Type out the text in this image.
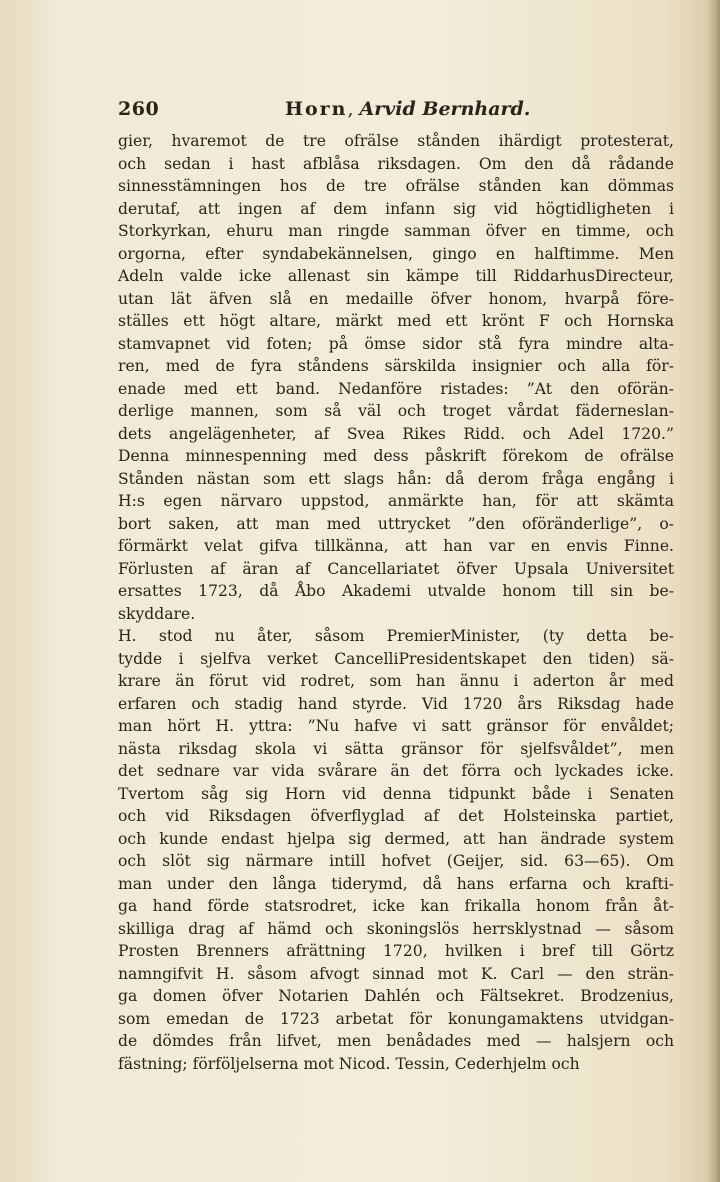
260	Horn, Arvid Bernhard.
gier, hvaremot de tre ofrälse stånden ihärdigt protesterat,
och sedan i hast afblåsa riksdagen. Om den då rådande
sinnesstämningen hos de tre ofrälse stånden kan dömmas
derutaf, att ingen af dem infann sig vid högtidligheten i
Storkyrkan, ehuru man ringde samman öfver en timme, och
orgorna, efter syndabekännelsen, gingo en halftimme. Men
Adeln valde icke allenast sin kämpe till RiddarhusDirecteur,
utan lät äfven slå en medaille öfver honom, hvarpå före-
ställes ett högt altare, märkt med ett krönt F och Hornska
stamvapnet vid foten; på ömse sidor stå fyra mindre alta-
ren, med de fyra ståndens särskilda insignier och alla för-
enade med ett band. Nedanföre ristades: ”At den oförän-
derlige mannen, som så väl och troget vårdat fäderneslan-
dets angelägenheter, af Svea Rikes Ridd. och Adel 1720.”
Denna minnespenning med dess påskrift förekom de ofrälse
Stånden nästan som ett slags hån: då derom fråga engång i
H:s egen närvaro uppstod, anmärkte han, för att skämta
bort saken, att man med uttrycket ”den oföränderlige”, o-
förmärkt velat gifva tillkänna, att han var en envis Finne.
Förlusten af äran af Cancellariatet öfver Upsala Universitet
ersattes 1723, då Åbo Akademi utvalde honom till sin be-
skyddare.
H. stod nu åter, såsom PremierMinister, (ty detta be-
tydde i sjelfva verket CancelliPresidentskapet den tiden) sä-
krare än förut vid rodret, som han ännu i aderton år med
erfaren och stadig hand styrde. Vid 1720 års Riksdag hade
man hört H. yttra: ”Nu hafve vi satt gränsor för envåldet;
nästa riksdag skola vi sätta gränsor för sjelfsvåldet”, men
det sednare var vida svårare än det förra och lyckades icke.
Tvertom såg sig Horn vid denna tidpunkt både i Senaten
och vid Riksdagen öfverflyglad af det Holsteinska partiet,
och kunde endast hjelpa sig dermed, att han ändrade system
och slöt sig närmare intill hofvet (Geijer, sid. 63—65). Om
man under den långa tiderymd, då hans erfarna och krafti-
ga hand förde statsrodret, icke kan frikalla honom från åt-
skilliga drag af hämd och skoningslös herrsklystnad — såsom
Prosten Brenners afrättning 1720, hvilken i bref till Görtz
namngifvit H. såsom afvogt sinnad mot K. Carl — den strän-
ga domen öfver Notarien Dahlén och Fältsekret. Brodzenius,
som emedan de 1723 arbetat för konungamaktens utvidgan-
de dömdes från lifvet, men benådades med — halsjern och
fästning; förföljelserna mot Nicod. Tessin, Cederhjelm och
